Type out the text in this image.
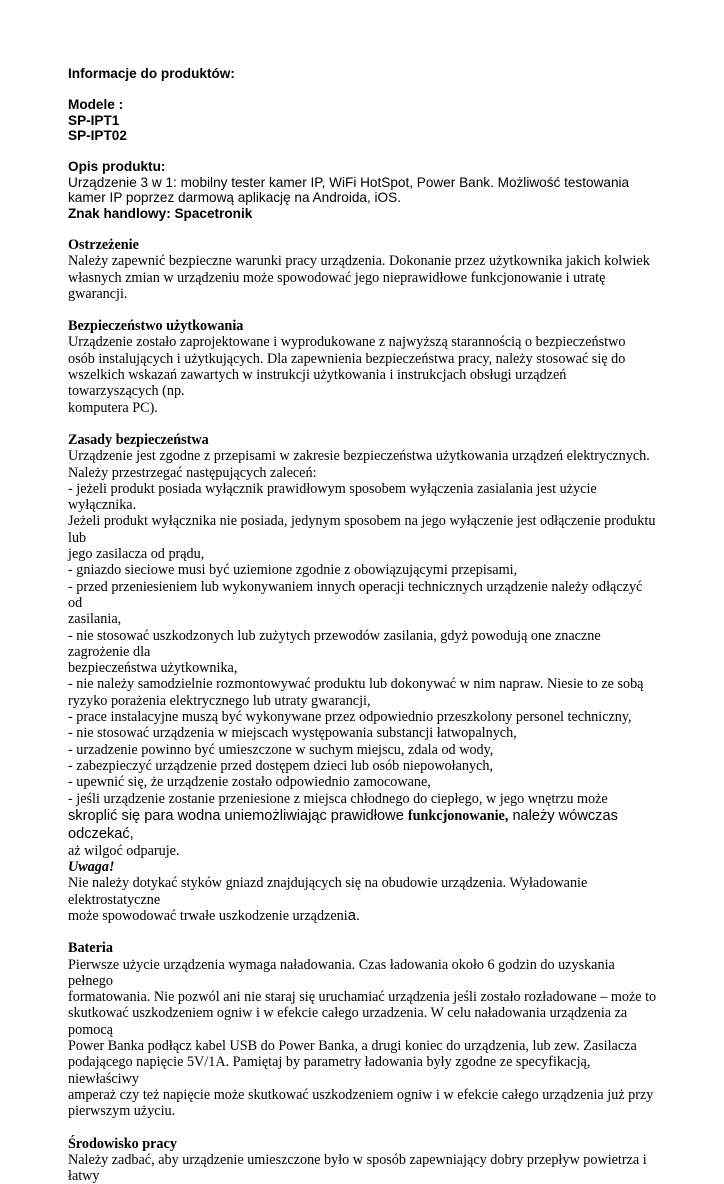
Informacje do produktów:
Modele :
SP-IPT1
SP-IPT02
Opis produktu:
Urządzenie 3 w 1: mobilny tester kamer IP, WiFi HotSpot, Power Bank. Możliwość testowania
kamer IP poprzez darmową aplikację na Androida, iOS.
Znak handlowy: Spacetronik
Ostrzeżenie
Należy zapewnić bezpieczne warunki pracy urządzenia. Dokonanie przez użytkownika jakich kolwiek
własnych zmian w urządzeniu może spowodować jego nieprawidłowe funkcjonowanie i utratę gwarancji.
Bezpieczeństwo użytkowania
Urządzenie zostało zaprojektowane i wyprodukowane z najwyższą starannością o bezpieczeństwo
osób instalujących i użytkujących. Dla zapewnienia bezpieczeństwa pracy, należy stosować się do
wszelkich wskazań zawartych w instrukcji użytkowania i instrukcjach obsługi urządzeń towarzyszących (np.
komputera PC).
Zasady bezpieczeństwa
Urządzenie jest zgodne z przepisami w zakresie bezpieczeństwa użytkowania urządzeń elektrycznych.
Należy przestrzegać następujących zaleceń:
- jeżeli produkt posiada wyłącznik prawidłowym sposobem wyłączenia zasialania jest użycie wyłącznika.
Jeżeli produkt wyłącznika nie posiada, jedynym sposobem na jego wyłączenie jest odłączenie produktu lub
jego zasilacza od prądu,
- gniazdo sieciowe musi być uziemione zgodnie z obowiązującymi przepisami,
- przed przeniesieniem lub wykonywaniem innych operacji technicznych urządzenie należy odłączyć od
zasilania,
- nie stosować uszkodzonych lub zużytych przewodów zasilania, gdyż powodują one znaczne zagrożenie dla
bezpieczeństwa użytkownika,
- nie należy samodzielnie rozmontowywać produktu lub dokonywać w nim napraw. Niesie to ze sobą
ryzyko porażenia elektrycznego lub utraty gwarancji,
- prace instalacyjne muszą być wykonywane przez odpowiednio przeszkolony personel techniczny,
- nie stosować urządzenia w miejscach występowania substancji łatwopalnych,
- urzadzenie powinno być umieszczone w suchym miejscu, zdala od wody,
- zabezpieczyć urządzenie przed dostępem dzieci lub osób niepowołanych,
- upewnić się, że urządzenie zostało odpowiednio zamocowane,
- jeśli urządzenie zostanie przeniesione z miejsca chłodnego do ciepłego, w jego wnętrzu może
skroplić się para wodna uniemożliwiając prawidłowe funkcjonowanie, należy wówczas odczekać,
aż wilgoć odparuje.
Uwaga!
Nie należy dotykać styków gniazd znajdujących się na obudowie urządzenia. Wyładowanie elektrostatyczne
może spowodować trwałe uszkodzenie urządzenia.
Bateria
Pierwsze użycie urządzenia wymaga naładowania. Czas ładowania około 6 godzin do uzyskania pełnego
formatowania. Nie pozwól ani nie staraj się uruchamiać urządzenia jeśli zostało rozładowane – może to
skutkować uszkodzeniem ogniw i w efekcie całego urzadzenia. W celu naładowania urządzenia za pomocą
Power Banka podłącz kabel USB do Power Banka, a drugi koniec do urządzenia, lub zew. Zasilacza
podającego napięcie 5V/1A. Pamiętaj by parametry ładowania były zgodne ze specyfikacją, niewłaściwy
amperaż czy też napięcie może skutkować uszkodzeniem ogniw i w efekcie całego urządzenia już przy
pierwszym użyciu.
Środowisko pracy
Należy zadbać, aby urządzenie umieszczone było w sposób zapewniający dobry przepływ powietrza i łatwy
